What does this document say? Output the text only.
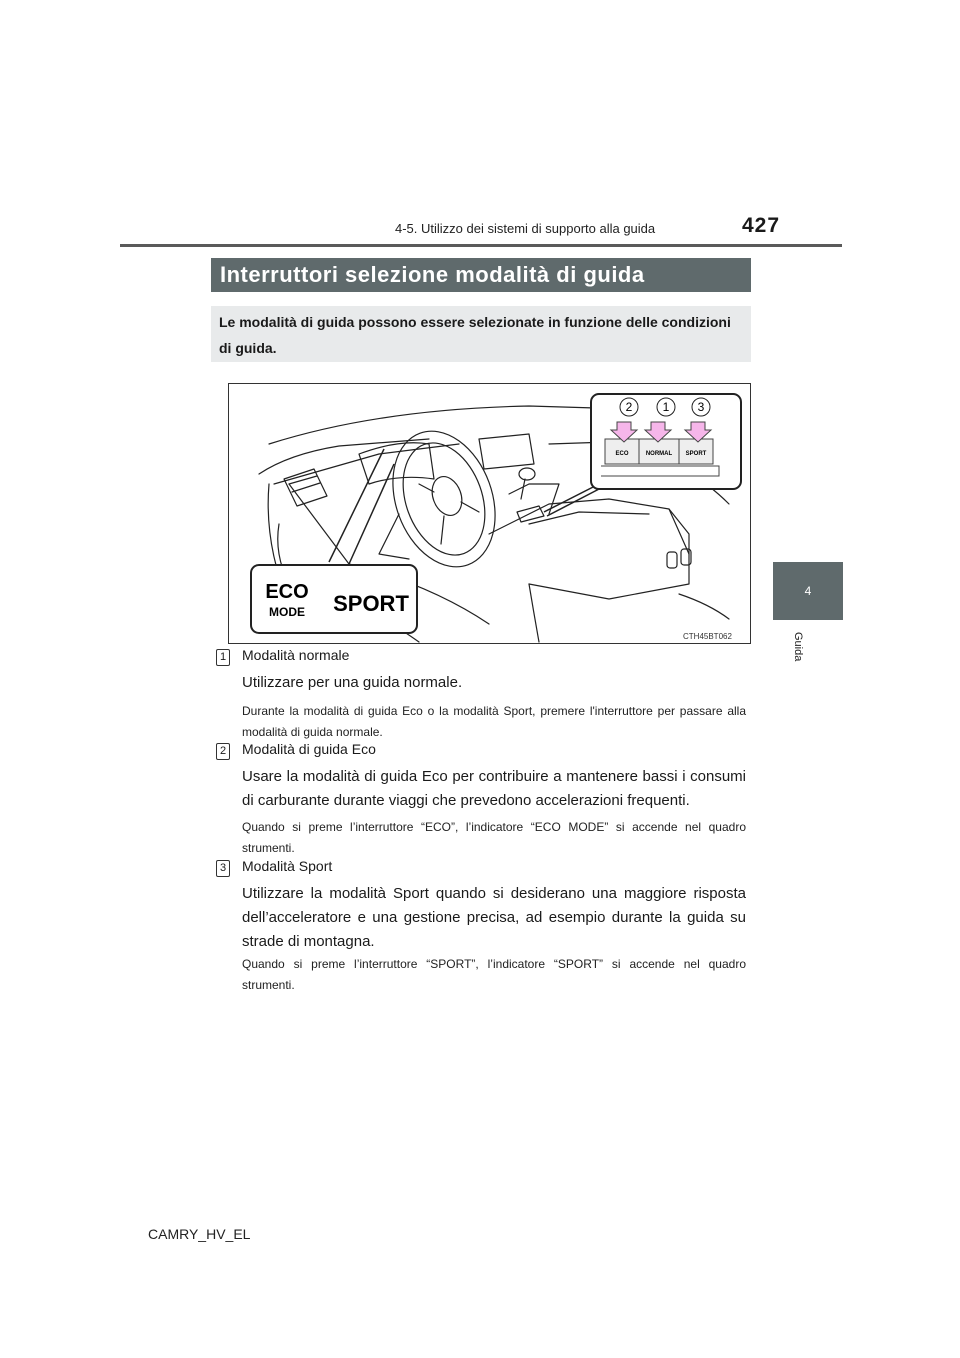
4-5. Utilizzo dei sistemi di supporto alla guida	427
4
Guida
Interruttori selezione modalità di guida
Le modalità di guida possono essere selezionate in funzione delle condizioni di guida.
2	1 3
ECO	NORMAL SPORT
ECO
MODE SPORT
CTH45BT062
1 Modalità normale
Utilizzare per una guida normale.
Durante la modalità di guida Eco o la modalità Sport, premere l'interruttore per passare alla modalità di guida normale.
2 Modalità di guida Eco
Usare la modalità di guida Eco per contribuire a mantenere bassi i consumi di carburante durante viaggi che prevedono accelerazioni frequenti.
Quando si preme l’interruttore “ECO”, l’indicatore “ECO MODE” si accende nel quadro strumenti.
3 Modalità Sport
Utilizzare la modalità Sport quando si desiderano una maggiore risposta dell’acceleratore e una gestione precisa, ad esempio durante la guida su strade di montagna.
Quando si preme l’interruttore “SPORT”, l’indicatore “SPORT” si accende nel quadro strumenti.
CAMRY_HV_EL
